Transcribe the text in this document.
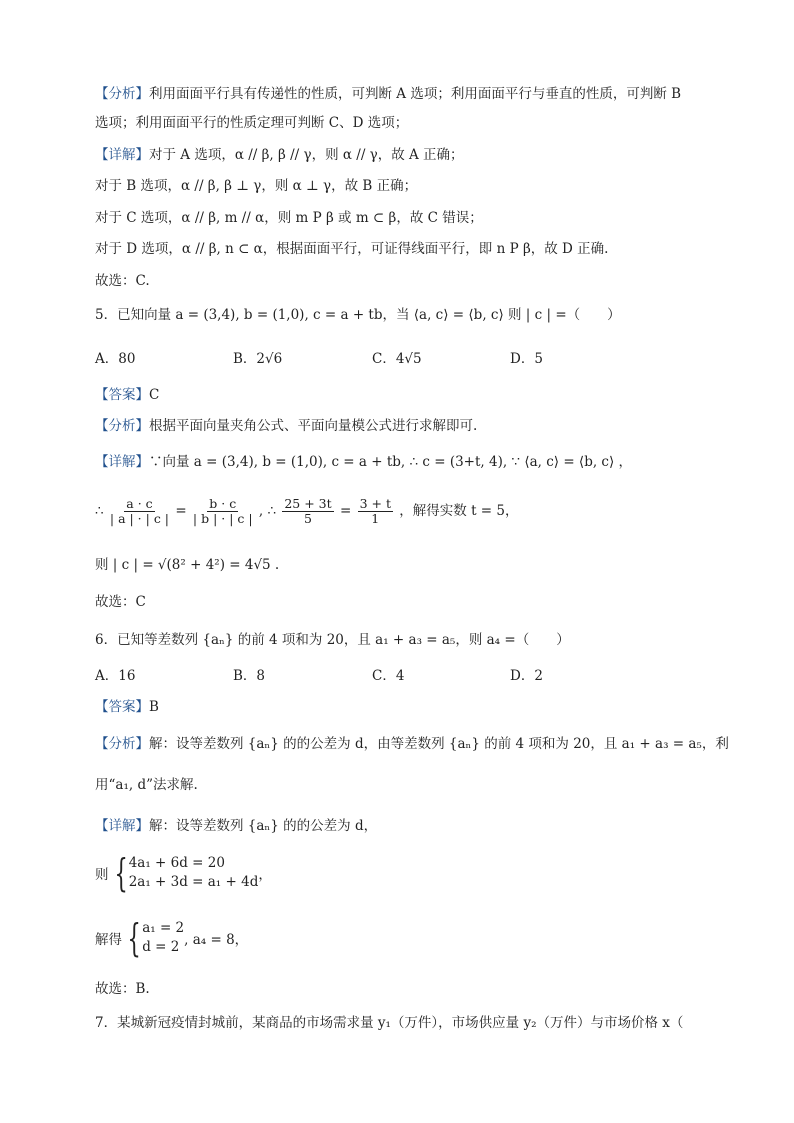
【分析】利用面面平行具有传递性的性质，可判断 A 选项；利用面面平行与垂直的性质，可判断 B
选项；利用面面平行的性质定理可判断 C、D 选项；
【详解】对于 A 选项，α // β, β // γ，则 α // γ，故 A 正确；
对于 B 选项，α // β, β ⊥ γ，则 α ⊥ γ，故 B 正确；
对于 C 选项，α // β, m // α，则 m P β 或 m ⊂ β，故 C 错误；
对于 D 选项，α // β, n ⊂ α，根据面面平行，可证得线面平行，即 n P β，故 D 正确.
故选：C.
5．已知向量 a = (3,4), b = (1,0), c = a + tb，当 ⟨a, c⟩ = ⟨b, c⟩ 则 | c | =（　　）
A．80	B．2√6	C．4√5	D．5
【答案】C
【分析】根据平面向量夹角公式、平面向量模公式进行求解即可.
【详解】∵向量 a = (3,4), b = (1,0), c = a + tb, ∴ c = (3+t, 4), ∵ ⟨a, c⟩ = ⟨b, c⟩ ，
∴ $\frac{a \cdot c}{| a | \cdot | c |} = \frac{b \cdot c}{| b | \cdot | c |}$ , ∴ $\frac{25 + 3t}{5} = \frac{3 + t}{1}$ ，解得实数 t = 5，
则 | c | = √(8² + 4²) = 4√5 .
故选：C
6．已知等差数列 {aₙ} 的前 4 项和为 20，且 a₁ + a₃ = a₅，则 a₄ =（　　）
A．16	B．8	C．4	D．2
【答案】B
【分析】解：设等差数列 {aₙ} 的的公差为 d，由等差数列 {aₙ} 的前 4 项和为 20，且 a₁ + a₃ = a₅，利
用“a₁, d”法求解.
【详解】解：设等差数列 {aₙ} 的的公差为 d，
则 { 4a₁ + 6d = 20
2a₁ + 3d = a₁ + 4d ，
解得 { a₁ = 2
d = 2 , a₄ = 8，
故选：B.
7．某城新冠疫情封城前，某商品的市场需求量 y₁（万件），市场供应量 y₂（万件）与市场价格 x（
